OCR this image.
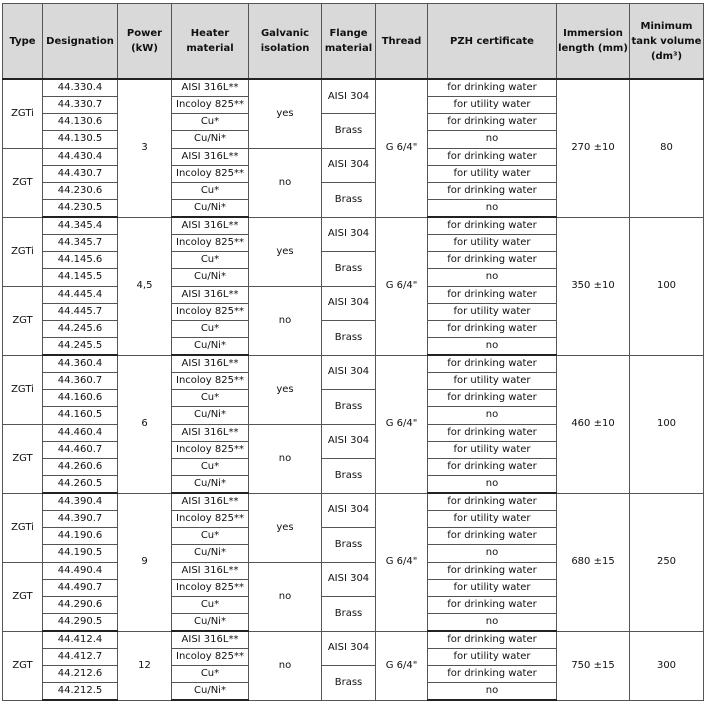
Type	Designation	Power (kW)	Heater material	Galvanic isolation	Flange material	Thread	PZH certificate	Immersion length (mm)	Minimum tank volume (dm³)
ZGTi	44.330.4	3	AISI 316L**	yes	AISI 304	G 6/4"	for drinking water	270 ±10	80
	44.330.7		Incoloy 825**				for utility water		
	44.130.6		Cu*		Brass		for drinking water		
	44.130.5		Cu/Ni*				no		
ZGT	44.430.4		AISI 316L**	no	AISI 304		for drinking water		
	44.430.7		Incoloy 825**				for utility water		
	44.230.6		Cu*		Brass		for drinking water		
	44.230.5		Cu/Ni*				no		
ZGTi	44.345.4	4,5	AISI 316L**	yes	AISI 304	G 6/4"	for drinking water	350 ±10	100
	44.345.7		Incoloy 825**				for utility water		
	44.145.6		Cu*		Brass		for drinking water		
	44.145.5		Cu/Ni*				no		
ZGT	44.445.4		AISI 316L**	no	AISI 304		for drinking water		
	44.445.7		Incoloy 825**				for utility water		
	44.245.6		Cu*		Brass		for drinking water		
	44.245.5		Cu/Ni*				no		
ZGTi	44.360.4	6	AISI 316L**	yes	AISI 304	G 6/4"	for drinking water	460 ±10	100
	44.360.7		Incoloy 825**				for utility water		
	44.160.6		Cu*		Brass		for drinking water		
	44.160.5		Cu/Ni*				no		
ZGT	44.460.4		AISI 316L**	no	AISI 304		for drinking water		
	44.460.7		Incoloy 825**				for utility water		
	44.260.6		Cu*		Brass		for drinking water		
	44.260.5		Cu/Ni*				no		
ZGTi	44.390.4	9	AISI 316L**	yes	AISI 304	G 6/4"	for drinking water	680 ±15	250
	44.390.7		Incoloy 825**				for utility water		
	44.190.6		Cu*		Brass		for drinking water		
	44.190.5		Cu/Ni*				no		
ZGT	44.490.4		AISI 316L**	no	AISI 304		for drinking water		
	44.490.7		Incoloy 825**				for utility water		
	44.290.6		Cu*		Brass		for drinking water		
	44.290.5		Cu/Ni*				no		
ZGT	44.412.4	12	AISI 316L**	no	AISI 304	G 6/4"	for drinking water	750 ±15	300
	44.412.7		Incoloy 825**				for utility water		
	44.212.6		Cu*		Brass		for drinking water		
	44.212.5		Cu/Ni*				no		
